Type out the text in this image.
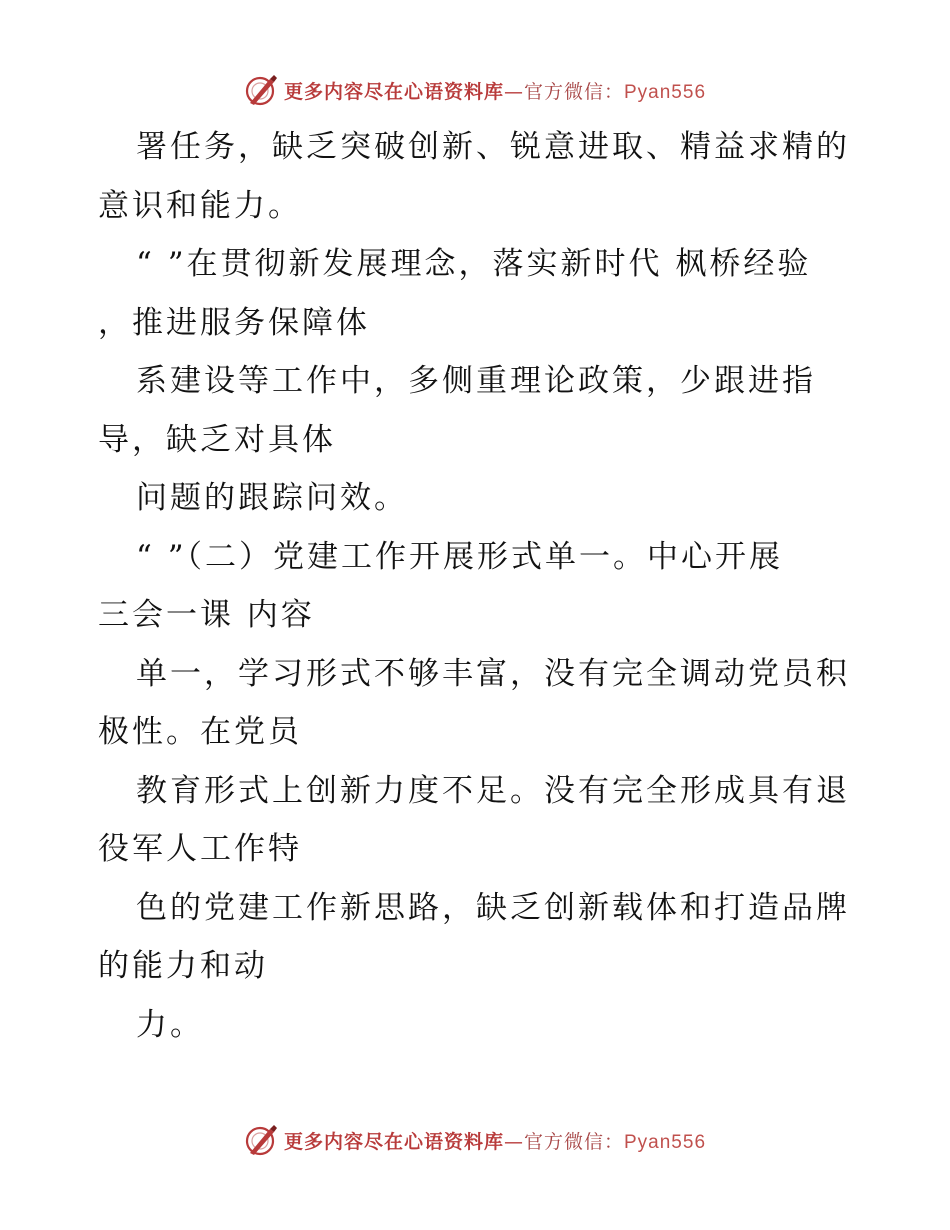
更多内容尽在心语资料库—官方微信：Pyan556
署任务，缺乏突破创新、锐意进取、精益求精的
意识和能力。
“ ”在贯彻新发展理念，落实新时代 枫桥经验
，推进服务保障体
系建设等工作中，多侧重理论政策，少跟进指
导，缺乏对具体
问题的跟踪问效。
“ ”（二）党建工作开展形式单一。中心开展
三会一课 内容
单一，学习形式不够丰富，没有完全调动党员积
极性。在党员
教育形式上创新力度不足。没有完全形成具有退
役军人工作特
色的党建工作新思路，缺乏创新载体和打造品牌
的能力和动
力。
更多内容尽在心语资料库—官方微信：Pyan556
